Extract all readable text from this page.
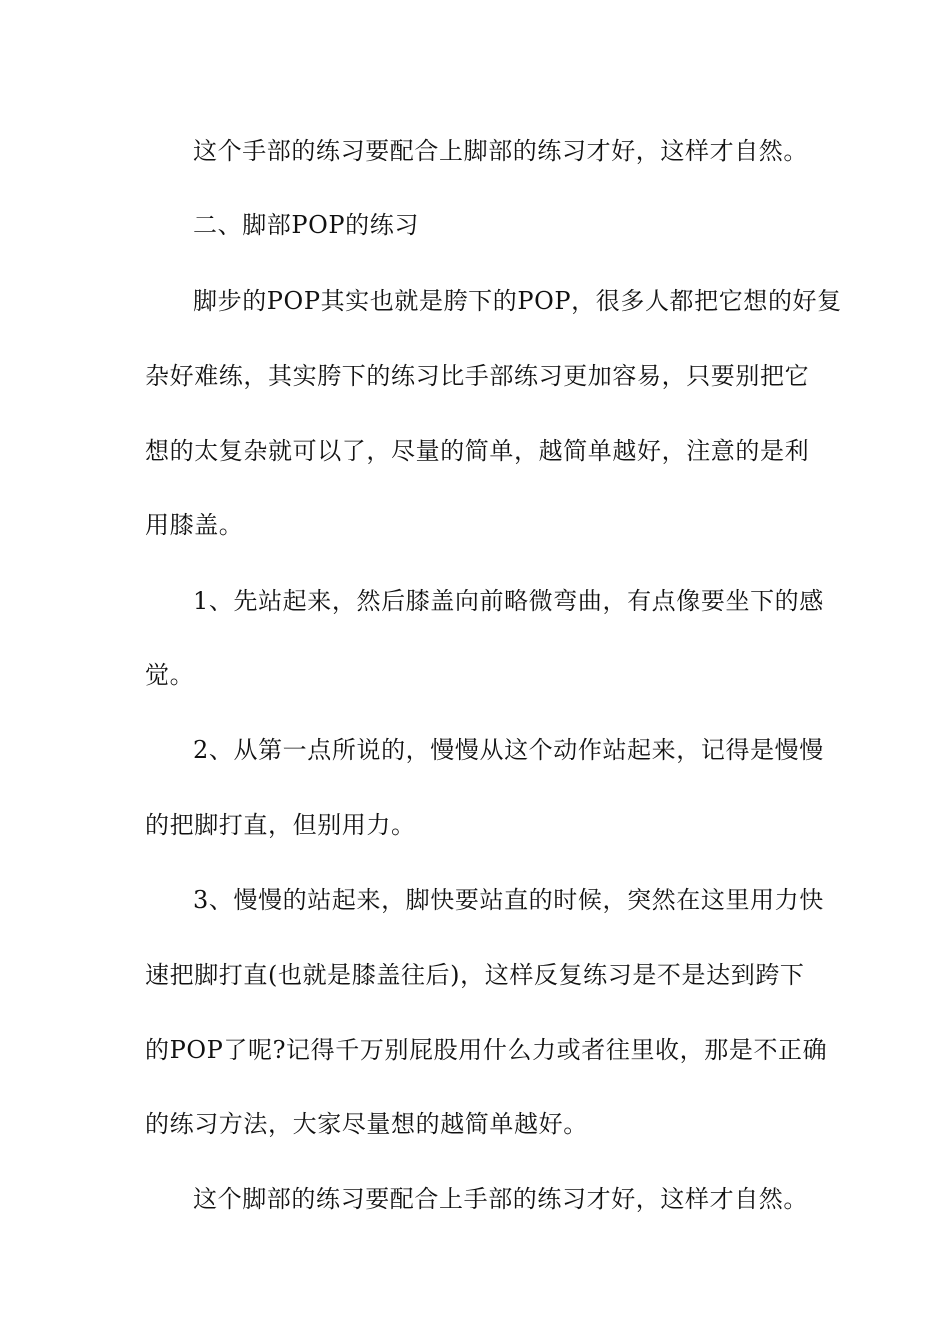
这个手部的练习要配合上脚部的练习才好，这样才自然。
二、脚部POP的练习
脚步的POP其实也就是胯下的POP，很多人都把它想的好复
杂好难练，其实胯下的练习比手部练习更加容易，只要别把它
想的太复杂就可以了，尽量的简单，越简单越好，注意的是利
用膝盖。
1、先站起来，然后膝盖向前略微弯曲，有点像要坐下的感
觉。
2、从第一点所说的，慢慢从这个动作站起来，记得是慢慢
的把脚打直，但别用力。
3、慢慢的站起来，脚快要站直的时候，突然在这里用力快
速把脚打直(也就是膝盖往后)，这样反复练习是不是达到跨下
的POP了呢?记得千万别屁股用什么力或者往里收，那是不正确
的练习方法，大家尽量想的越简单越好。
这个脚部的练习要配合上手部的练习才好，这样才自然。
